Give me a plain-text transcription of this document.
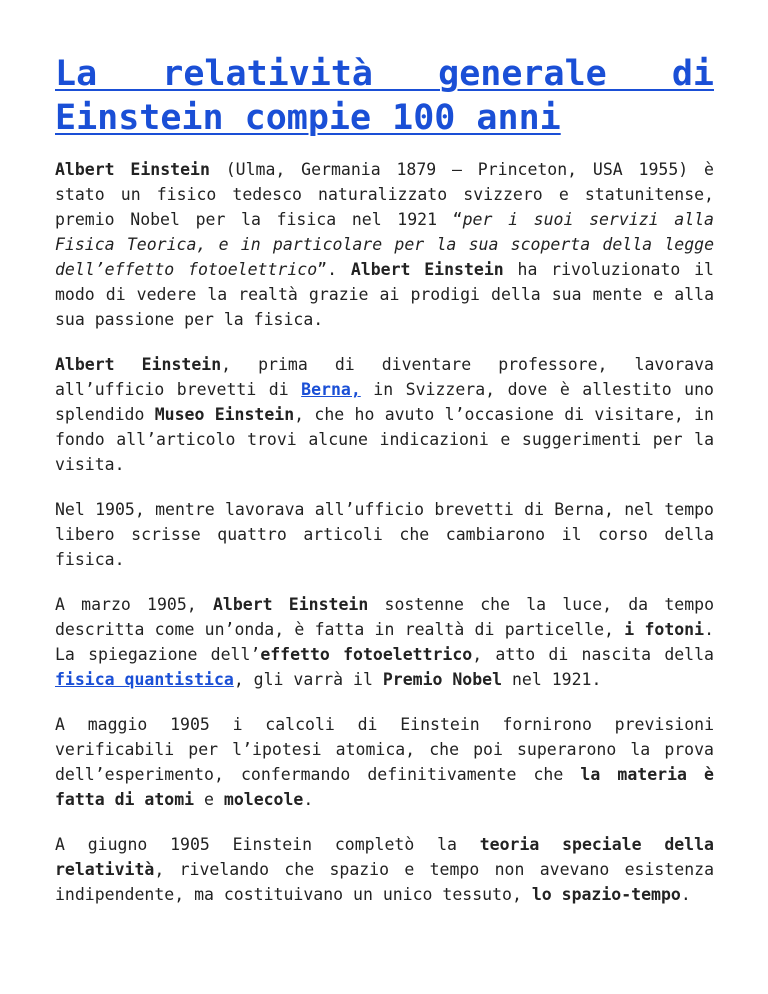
La relatività generale di Einstein compie 100 anni

Albert Einstein (Ulma, Germania 1879 – Princeton, USA 1955) è stato un fisico tedesco naturalizzato svizzero e statunitense, premio Nobel per la fisica nel 1921 “per i suoi servizi alla Fisica Teorica, e in particolare per la sua scoperta della legge dell’effetto fotoelettrico”. Albert Einstein ha rivoluzionato il modo di vedere la realtà grazie ai prodigi della sua mente e alla sua passione per la fisica.

Albert Einstein, prima di diventare professore, lavorava all’ufficio brevetti di Berna, in Svizzera, dove è allestito uno splendido Museo Einstein, che ho avuto l’occasione di visitare, in fondo all’articolo trovi alcune indicazioni e suggerimenti per la visita.

Nel 1905, mentre lavorava all’ufficio brevetti di Berna, nel tempo libero scrisse quattro articoli che cambiarono il corso della fisica.

A marzo 1905, Albert Einstein sostenne che la luce, da tempo descritta come un’onda, è fatta in realtà di particelle, i fotoni. La spiegazione dell’effetto fotoelettrico, atto di nascita della fisica quantistica, gli varrà il Premio Nobel nel 1921.

A maggio 1905 i calcoli di Einstein fornirono previsioni verificabili per l’ipotesi atomica, che poi superarono la prova dell’esperimento, confermando definitivamente che la materia è fatta di atomi e molecole.

A giugno 1905 Einstein completò la teoria speciale della relatività, rivelando che spazio e tempo non avevano esistenza indipendente, ma costituivano un unico tessuto, lo spazio-tempo.
